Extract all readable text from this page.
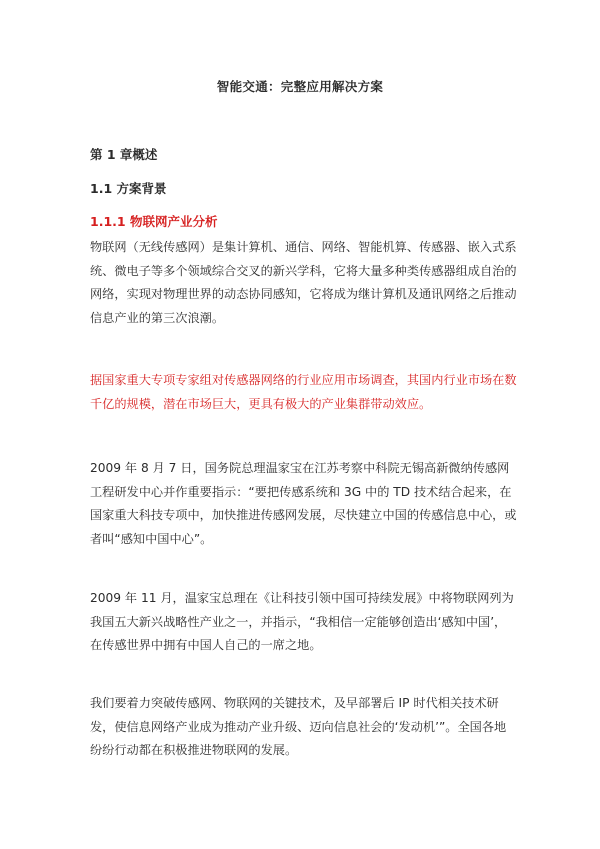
智能交通：完整应用解决方案
第 1 章概述
1.1 方案背景
1.1.1 物联网产业分析

物联网（无线传感网）是集计算机、通信、网络、智能机算、传感器、嵌入式系统、微电子等多个领域综合交叉的新兴学科，它将大量多种类传感器组成自治的网络，实现对物理世界的动态协同感知，它将成为继计算机及通讯网络之后推动信息产业的第三次浪潮。

据国家重大专项专家组对传感器网络的行业应用市场调查，其国内行业市场在数千亿的规模，潜在市场巨大，更具有极大的产业集群带动效应。

2009 年 8 月 7 日，国务院总理温家宝在江苏考察中科院无锡高新微纳传感网工程研发中心并作重要指示：“要把传感系统和 3G 中的 TD 技术结合起来，在国家重大科技专项中，加快推进传感网发展，尽快建立中国的传感信息中心，或者叫“感知中国中心”。

2009 年 11 月，温家宝总理在《让科技引领中国可持续发展》中将物联网列为我国五大新兴战略性产业之一，并指示，“我相信一定能够创造出‘感知中国’，在传感世界中拥有中国人自己的一席之地。

我们要着力突破传感网、物联网的关键技术，及早部署后 IP 时代相关技术研发，使信息网络产业成为推动产业升级、迈向信息社会的‘发动机’”。全国各地纷纷行动都在积极推进物联网的发展。
